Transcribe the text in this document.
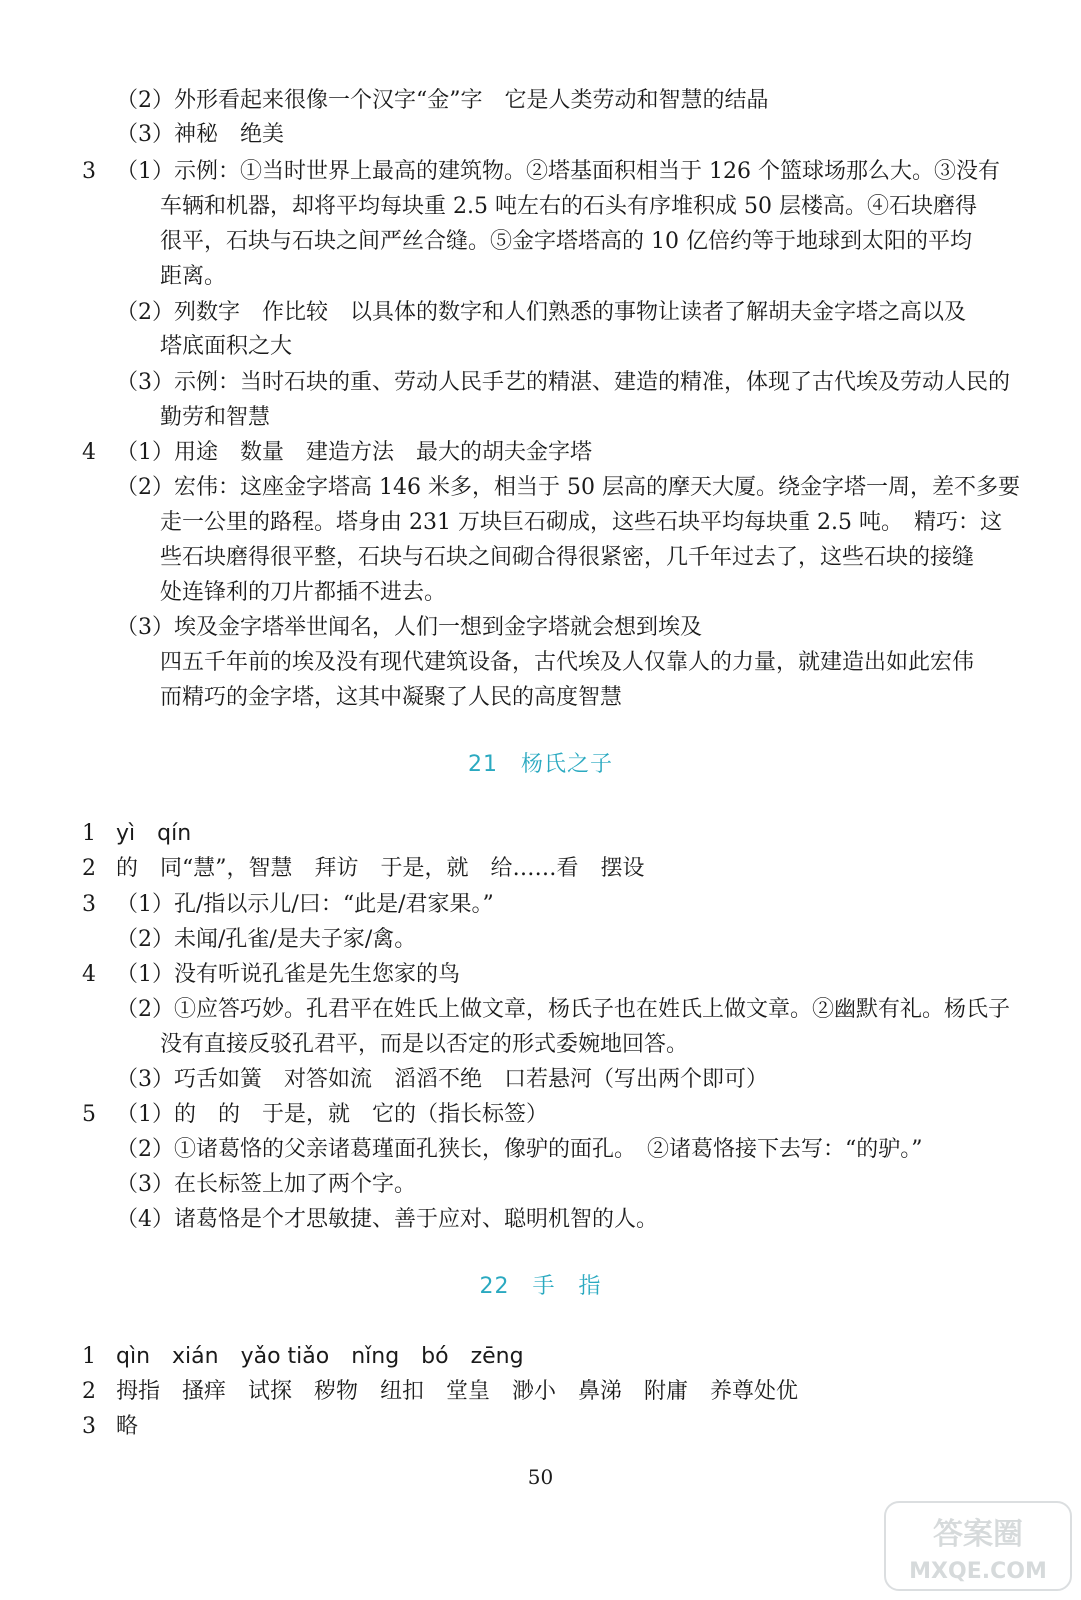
（2）外形看起来很像一个汉字“金”字　它是人类劳动和智慧的结晶
（3）神秘　绝美
3 （1）示例：①当时世界上最高的建筑物。②塔基面积相当于 126 个篮球场那么大。③没有
车辆和机器，却将平均每块重 2.5 吨左右的石头有序堆积成 50 层楼高。④石块磨得
很平，石块与石块之间严丝合缝。⑤金字塔塔高的 10 亿倍约等于地球到太阳的平均
距离。
（2）列数字　作比较　以具体的数字和人们熟悉的事物让读者了解胡夫金字塔之高以及
塔底面积之大
（3）示例：当时石块的重、劳动人民手艺的精湛、建造的精准，体现了古代埃及劳动人民的
勤劳和智慧
4 （1）用途　数量　建造方法　最大的胡夫金字塔
（2）宏伟：这座金字塔高 146 米多，相当于 50 层高的摩天大厦。绕金字塔一周，差不多要
走一公里的路程。塔身由 231 万块巨石砌成，这些石块平均每块重 2.5 吨。　精巧：这
些石块磨得很平整，石块与石块之间砌合得很紧密，几千年过去了，这些石块的接缝
处连锋利的刀片都插不进去。
（3）埃及金字塔举世闻名，人们一想到金字塔就会想到埃及
四五千年前的埃及没有现代建筑设备，古代埃及人仅靠人的力量，就建造出如此宏伟
而精巧的金字塔，这其中凝聚了人民的高度智慧
21　杨氏之子
1 yì　qín
2 的　同“慧”，智慧　拜访　于是，就　给……看　摆设
3 （1）孔/指以示儿/曰：“此是/君家果。”
（2）未闻/孔雀/是夫子家/禽。
4 （1）没有听说孔雀是先生您家的鸟
（2）①应答巧妙。孔君平在姓氏上做文章，杨氏子也在姓氏上做文章。②幽默有礼。杨氏子
没有直接反驳孔君平，而是以否定的形式委婉地回答。
（3）巧舌如簧　对答如流　滔滔不绝　口若悬河（写出两个即可）
5 （1）的　的　于是，就　它的（指长标签）
（2）①诸葛恪的父亲诸葛瑾面孔狭长，像驴的面孔。　②诸葛恪接下去写：“的驴。”
（3）在长标签上加了两个字。
（4）诸葛恪是个才思敏捷、善于应对、聪明机智的人。
22　手　指
1 qìn　xián　yǎo tiǎo　nǐng　bó　zēng
2 拇指　搔痒　试探　秽物　纽扣　堂皇　渺小　鼻涕　附庸　养尊处优
3 略
50
答案圈
MXQE.COM
